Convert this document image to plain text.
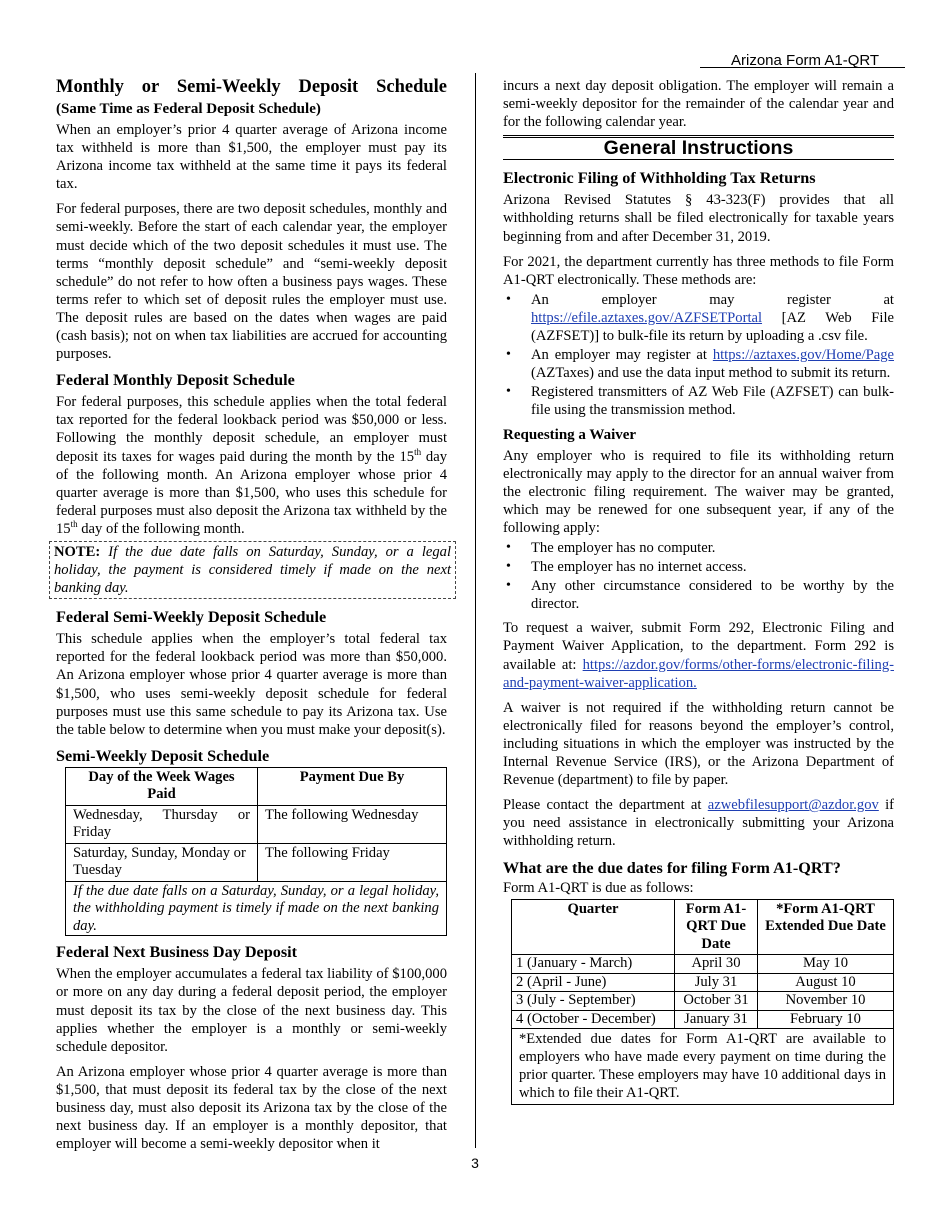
Arizona Form A1-QRT
Monthly or Semi-Weekly Deposit Schedule
(Same Time as Federal Deposit Schedule)

When an employer’s prior 4 quarter average of Arizona income tax withheld is more than $1,500, the employer must pay its Arizona income tax withheld at the same time it pays its federal tax.

For federal purposes, there are two deposit schedules, monthly and semi-weekly. Before the start of each calendar year, the employer must decide which of the two deposit schedules it must use. The terms “monthly deposit schedule” and “semi-weekly deposit schedule” do not refer to how often a business pays wages. These terms refer to which set of deposit rules the employer must use. The deposit rules are based on the dates when wages are paid (cash basis); not on when tax liabilities are accrued for accounting purposes.

Federal Monthly Deposit Schedule

For federal purposes, this schedule applies when the total federal tax reported for the federal lookback period was $50,000 or less. Following the monthly deposit schedule, an employer must deposit its taxes for wages paid during the month by the 15th day of the following month. An Arizona employer whose prior 4 quarter average is more than $1,500, who uses this schedule for federal purposes must also deposit the Arizona tax withheld by the 15th day of the following month.

NOTE: If the due date falls on Saturday, Sunday, or a legal holiday, the payment is considered timely if made on the next banking day.
Federal Semi-Weekly Deposit Schedule

This schedule applies when the employer’s total federal tax reported for the federal lookback period was more than $50,000. An Arizona employer whose prior 4 quarter average is more than $1,500, who uses semi-weekly deposit schedule for federal purposes must use this same schedule to pay its Arizona tax. Use the table below to determine when you must make your deposit(s).

Semi-Weekly Deposit Schedule
Day of the Week Wages Paid	Payment Due By
Wednesday, Thursday or Friday	The following Wednesday
Saturday, Sunday, Monday or Tuesday	The following Friday
If the due date falls on a Saturday, Sunday, or a legal holiday, the withholding payment is timely if made on the next banking day.	
Federal Next Business Day Deposit

When the employer accumulates a federal tax liability of $100,000 or more on any day during a federal deposit period, the employer must deposit its tax by the close of the next business day. This applies whether the employer is a monthly or semi-weekly schedule depositor.

An Arizona employer whose prior 4 quarter average is more than $1,500, that must deposit its federal tax by the close of the next business day, must also deposit its Arizona tax by the close of the next business day. If an employer is a monthly depositor, that employer will become a semi-weekly depositor when it

incurs a next day deposit obligation. The employer will remain a semi-weekly depositor for the remainder of the calendar year and for the following calendar year.

General Instructions
Electronic Filing of Withholding Tax Returns

Arizona Revised Statutes § 43-323(F) provides that all withholding returns shall be filed electronically for taxable years beginning from and after December 31, 2019.

For 2021, the department currently has three methods to file Form A1-QRT electronically. These methods are:

• An employer may register at https://efile.aztaxes.gov/AZFSETPortal [AZ Web File (AZFSET)] to bulk-file its return by uploading a .csv file.
• An employer may register at https://aztaxes.gov/Home/Page (AZTaxes) and use the data input method to submit its return.
• Registered transmitters of AZ Web File (AZFSET) can bulk-file using the transmission method.
Requesting a Waiver

Any employer who is required to file its withholding return electronically may apply to the director for an annual waiver from the electronic filing requirement. The waiver may be granted, which may be renewed for one subsequent year, if any of the following apply:

• The employer has no computer.
• The employer has no internet access.
• Any other circumstance considered to be worthy by the director.

To request a waiver, submit Form 292, Electronic Filing and Payment Waiver Application, to the department. Form 292 is available at: https://azdor.gov/forms/other-forms/electronic-filing-and-payment-waiver-application.

A waiver is not required if the withholding return cannot be electronically filed for reasons beyond the employer’s control, including situations in which the employer was instructed by the Internal Revenue Service (IRS), or the Arizona Department of Revenue (department) to file by paper.

Please contact the department at azwebfilesupport@azdor.gov if you need assistance in electronically submitting your Arizona withholding return.

What are the due dates for filing Form A1-QRT?
Form A1-QRT is due as follows:
Quarter	Form A1-QRT Due Date	*Form A1-QRT Extended Due Date
1 (January - March)	April 30	May 10
2 (April - June)	July 31	August 10
3 (July - September)	October 31	November 10
4 (October - December)	January 31	February 10
*Extended due dates for Form A1-QRT are available to employers who have made every payment on time during the prior quarter. These employers may have 10 additional days in which to file their A1-QRT.		
3
